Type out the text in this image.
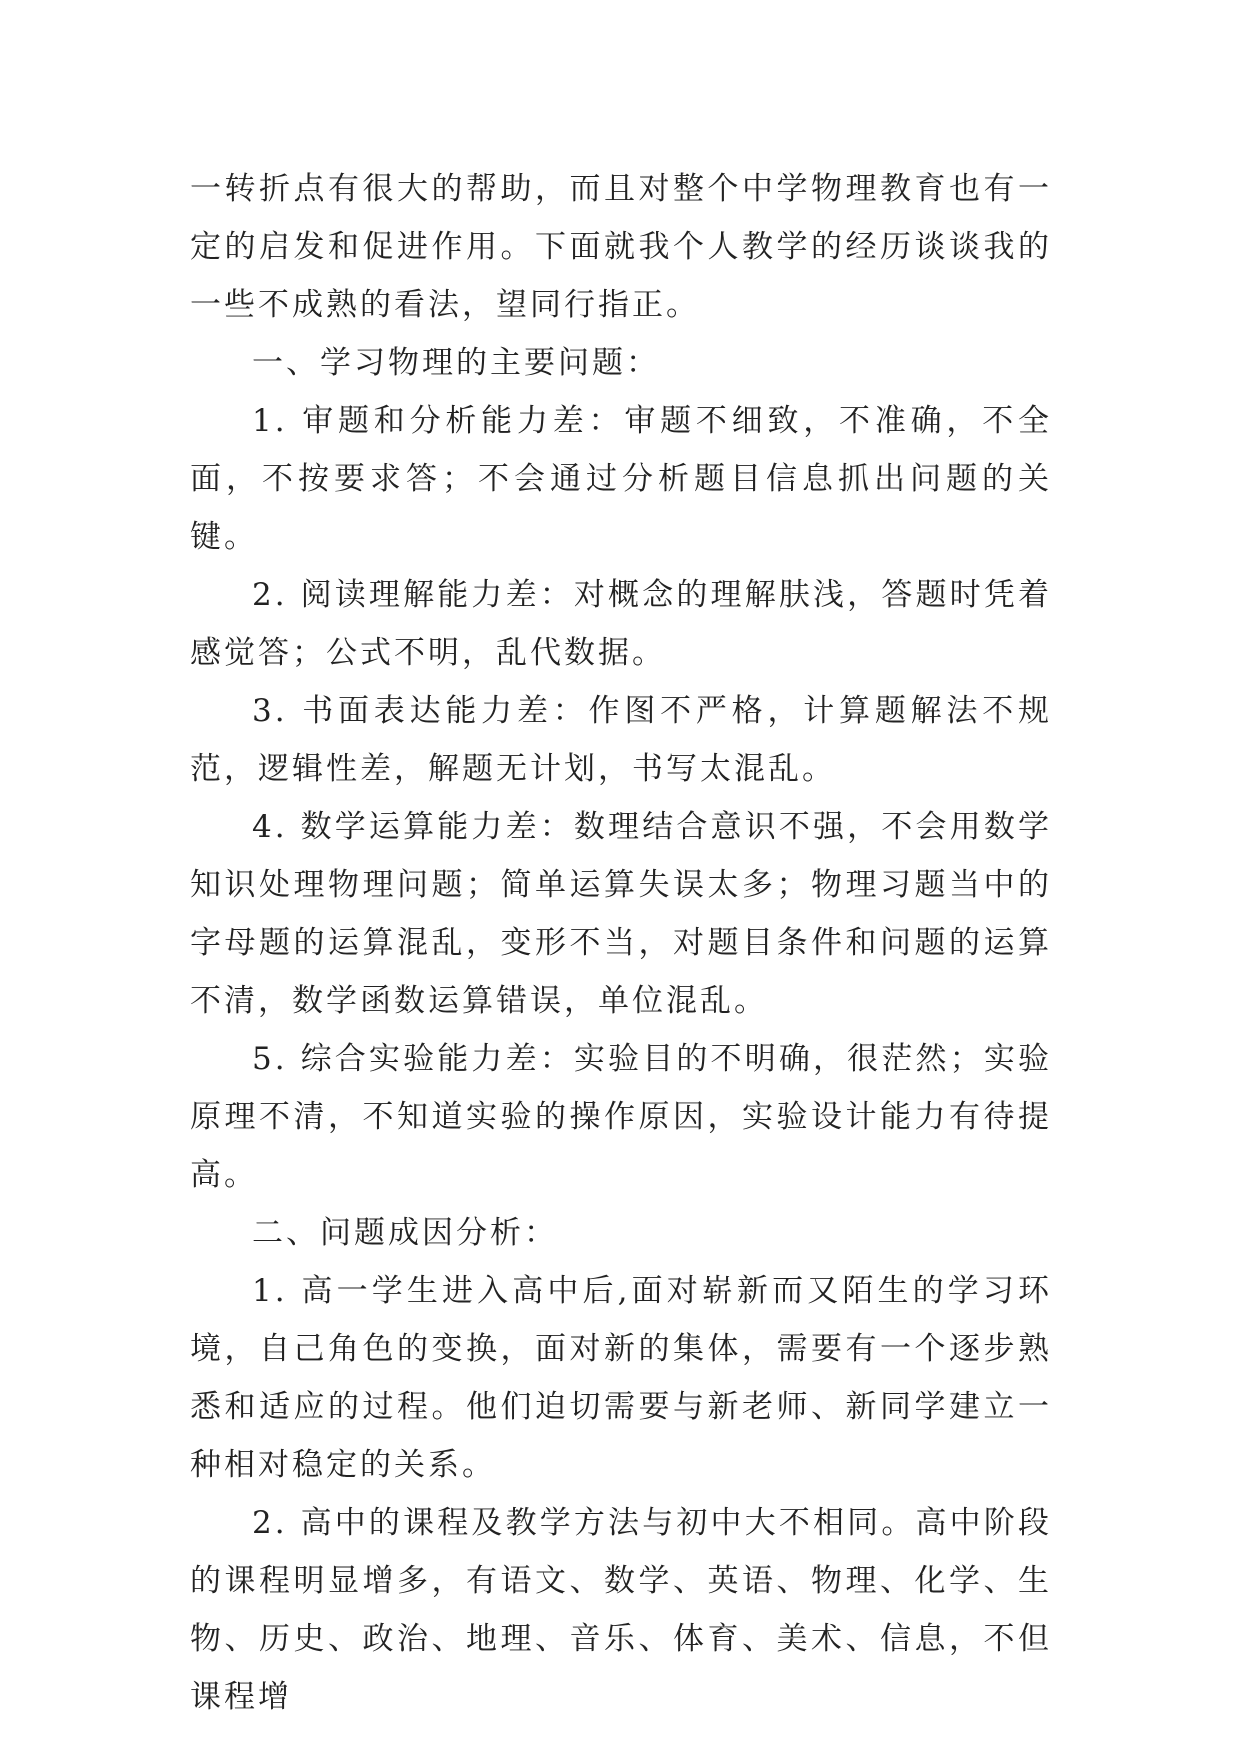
一转折点有很大的帮助，而且对整个中学物理教育也有一定的启发和促进作用。下面就我个人教学的经历谈谈我的一些不成熟的看法，望同行指正。

一、学习物理的主要问题：

1. 审题和分析能力差：审题不细致，不准确，不全面，不按要求答；不会通过分析题目信息抓出问题的关键。

2. 阅读理解能力差：对概念的理解肤浅，答题时凭着感觉答；公式不明，乱代数据。

3. 书面表达能力差：作图不严格，计算题解法不规范，逻辑性差，解题无计划，书写太混乱。

4. 数学运算能力差：数理结合意识不强，不会用数学知识处理物理问题；简单运算失误太多；物理习题当中的字母题的运算混乱，变形不当，对题目条件和问题的运算不清，数学函数运算错误，单位混乱。

5. 综合实验能力差：实验目的不明确，很茫然；实验原理不清，不知道实验的操作原因，实验设计能力有待提高。

二、问题成因分析：

1. 高一学生进入高中后,面对崭新而又陌生的学习环境，自己角色的变换，面对新的集体，需要有一个逐步熟悉和适应的过程。他们迫切需要与新老师、新同学建立一种相对稳定的关系。

2. 高中的课程及教学方法与初中大不相同。高中阶段的课程明显增多，有语文、数学、英语、物理、化学、生物、历史、政治、地理、音乐、体育、美术、信息，不但课程增
